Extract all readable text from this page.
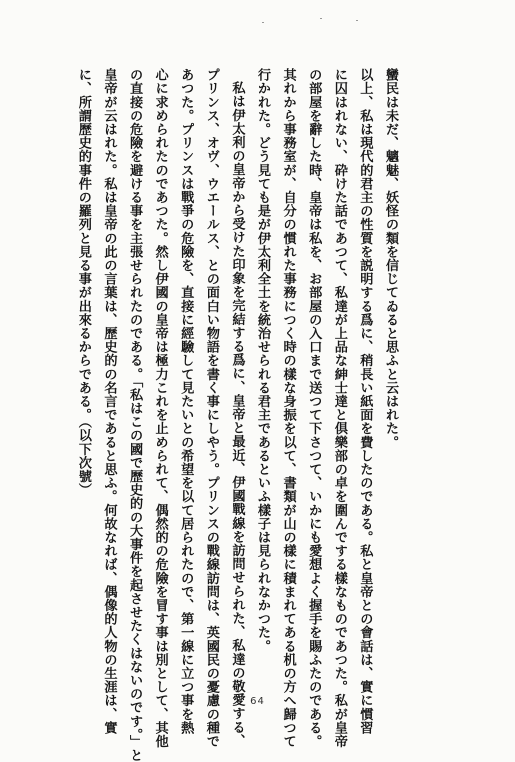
蠻民は未だ、魑魅、妖怪の類を信じてゐると思ふと云はれた。
以上、私は現代的君主の性質を説明する爲に、稍長い紙面を費したのである。私と皇帝との會話は、實に慣習
に囚はれない、砕けた話であつて、私達が上品な紳士達と倶樂部の卓を圍んでする樣なものであつた。私が皇帝
の部屋を辭した時、皇帝は私を、お部屋の入口まで送つて下さつて、いかにも愛想よく握手を賜ふたのである。
其れから事務室が、自分の慣れた事務につく時の樣な身振を以て、書類が山の樣に積まれてある机の方へ歸つて
行かれた。どう見ても是が伊太利全土を統治せられる君主であるといふ樣子は見られなかつた。
私は伊太利の皇帝から受けた印象を完結する爲に、皇帝と最近、伊國戰線を訪問せられた、私達の敬愛する、
プリンス、オヴ、ウエールス、との面白い物語を書く事にしやう。プリンスの戰線訪問は、英國民の憂慮の種で
あつた。プリンスは戰爭の危險を、直接に經驗して見たいとの希望を以て居られたので、第一線に立つ事を熱
心に求められたのであつた。然し伊國の皇帝は極力これを止められて、偶然的の危險を冒す事は別として、其他
の直接の危險を避ける事を主張せられたのである。「私はこの國で歷史的の大事件を起させたくはないのです。」と
皇帝が云はれた。私は皇帝の此の言葉は、歷史的の名言であると思ふ。何故なれば、偶像的人物の生涯は、實
に、所謂歷史的事件の羅列と見る事が出來るからである。（以下次號）
64
